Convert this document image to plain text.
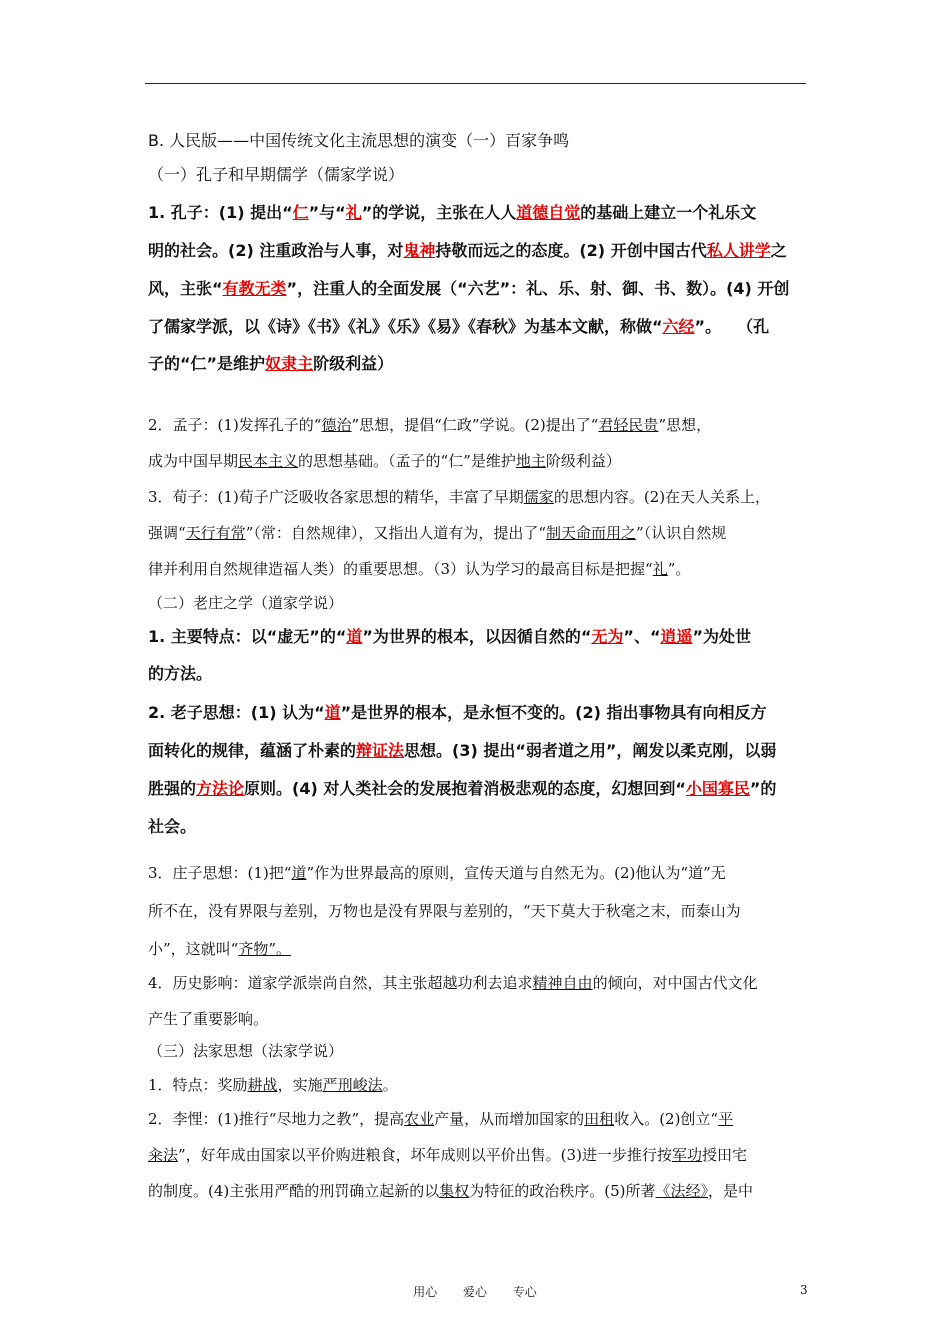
B. 人民版——中国传统文化主流思想的演变（一）百家争鸣
（一）孔子和早期儒学（儒家学说）
1. 孔子：(1) 提出“仁”与“礼”的学说，主张在人人道德自觉的基础上建立一个礼乐文
明的社会。(2) 注重政治与人事，对鬼神持敬而远之的态度。(2) 开创中国古代私人讲学之
风，主张“有教无类”，注重人的全面发展（“六艺”：礼、乐、射、御、书、数）。(4) 开创
了儒家学派，以《诗》《书》《礼》《乐》《易》《春秋》为基本文献，称做“六经”。　　（孔
子的“仁”是维护奴隶主阶级利益）
2．孟子：(1)发挥孔子的“德治”思想，提倡“仁政”学说。(2)提出了“君轻民贵”思想，
成为中国早期民本主义的思想基础。（孟子的“仁”是维护地主阶级利益）
3．荀子：(1)荀子广泛吸收各家思想的精华，丰富了早期儒家的思想内容。(2)在天人关系上，
强调“天行有常”（常：自然规律），又指出人道有为，提出了“制天命而用之”（认识自然规
律并利用自然规律造福人类）的重要思想。（3）认为学习的最高目标是把握“礼”。
（二）老庄之学（道家学说）
1. 主要特点：以“虚无”的“道”为世界的根本，以因循自然的“无为”、“逍遥”为处世
的方法。
2. 老子思想：(1) 认为“道”是世界的根本，是永恒不变的。(2) 指出事物具有向相反方
面转化的规律，蕴涵了朴素的辩证法思想。(3) 提出“弱者道之用”，阐发以柔克刚，以弱
胜强的方法论原则。(4) 对人类社会的发展抱着消极悲观的态度，幻想回到“小国寡民”的
社会。
3．庄子思想：(1)把“道”作为世界最高的原则，宣传天道与自然无为。(2)他认为“道”无
所不在，没有界限与差别，万物也是没有界限与差别的，“天下莫大于秋毫之末，而泰山为
小”，这就叫“齐物”。
4．历史影响：道家学派崇尚自然，其主张超越功利去追求精神自由的倾向，对中国古代文化
产生了重要影响。
（三）法家思想（法家学说）
1．特点：奖励耕战，实施严刑峻法。
2．李悝：(1)推行“尽地力之教”，提高农业产量，从而增加国家的田租收入。(2)创立“平
籴法”，好年成由国家以平价购进粮食，坏年成则以平价出售。(3)进一步推行按军功授田宅
的制度。(4)主张用严酷的刑罚确立起新的以集权为特征的政治秩序。(5)所著《法经》，是中
用心 爱心 专心	3
